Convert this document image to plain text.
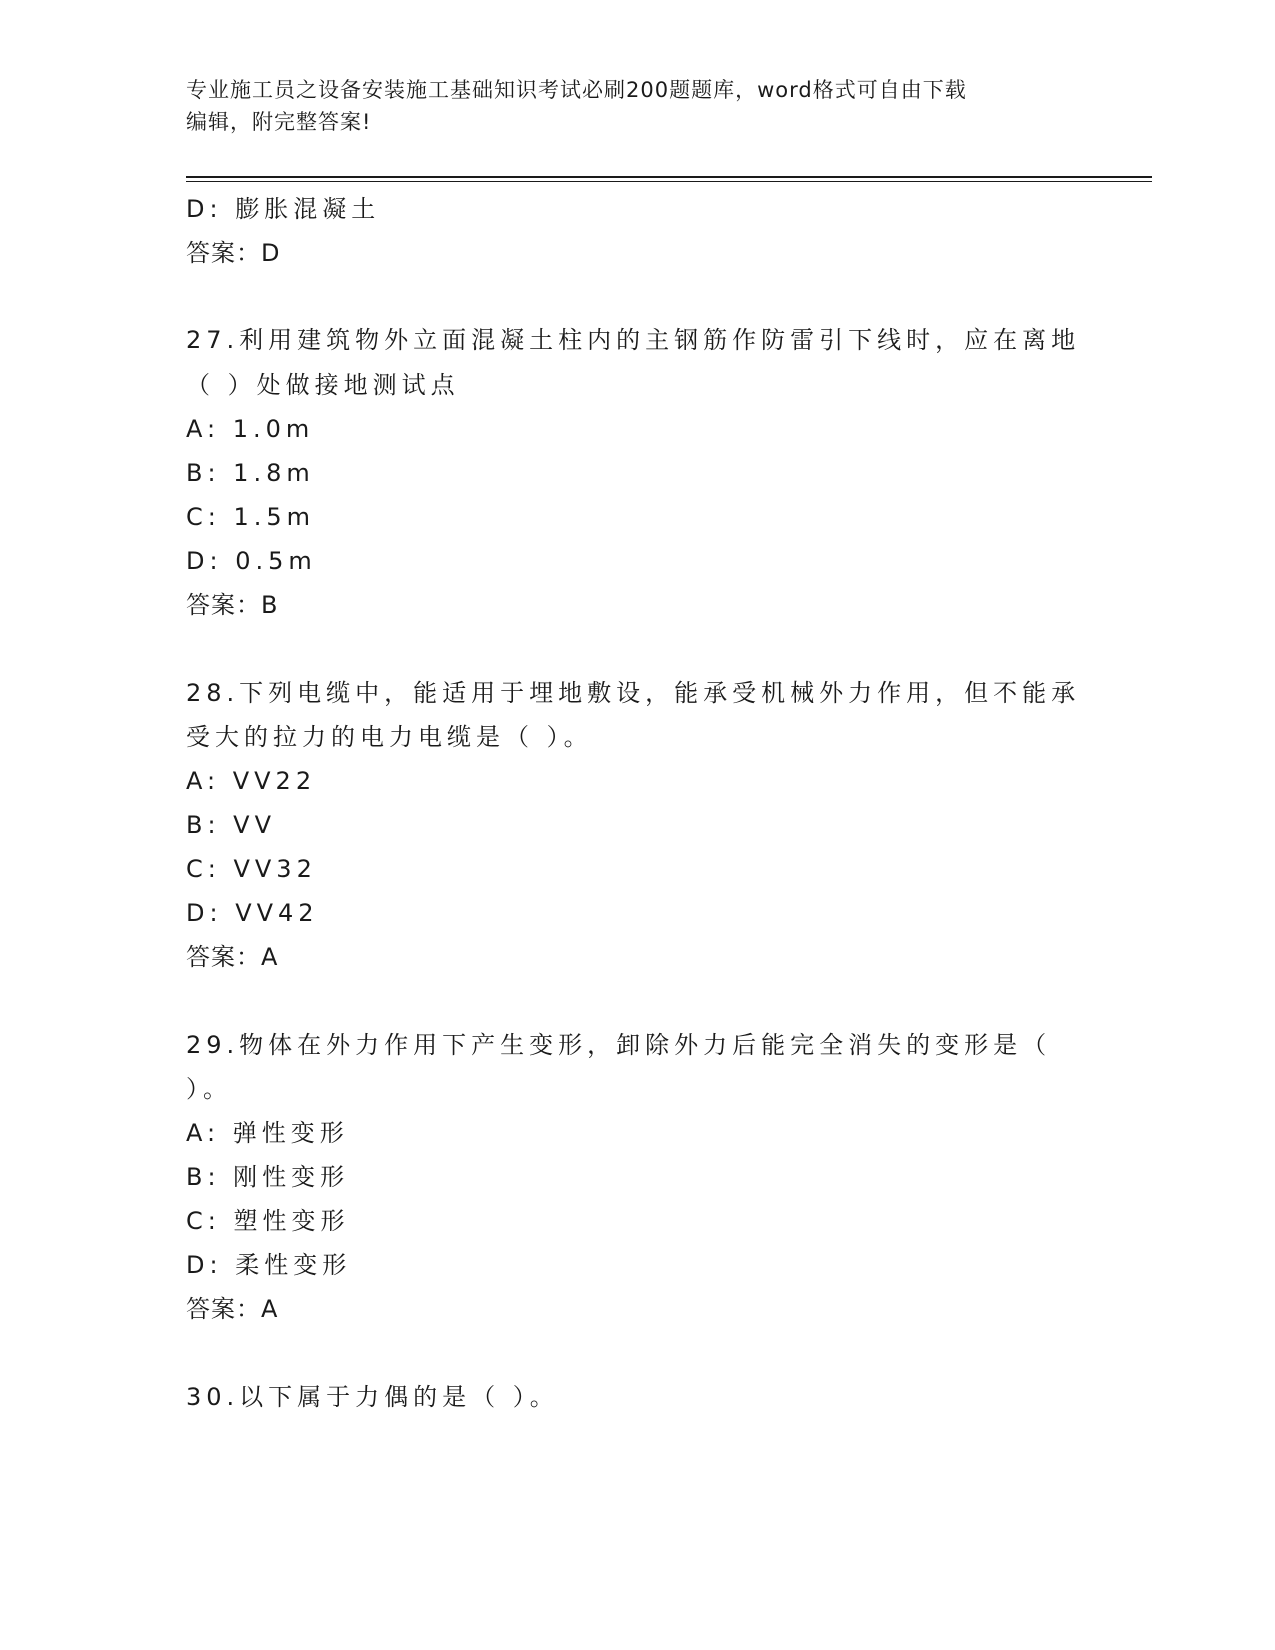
专业施工员之设备安装施工基础知识考试必刷200题题库，word格式可自由下载
编辑，附完整答案!
D: 膨胀混凝土
答案：D
27.利用建筑物外立面混凝土柱内的主钢筋作防雷引下线时，应在离地
（ ）处做接地测试点
A: 1.0m
B: 1.8m
C: 1.5m
D: 0.5m
答案：B
28.下列电缆中，能适用于埋地敷设，能承受机械外力作用，但不能承
受大的拉力的电力电缆是（ ）。
A: VV22
B: VV
C: VV32
D: VV42
答案：A
29.物体在外力作用下产生变形，卸除外力后能完全消失的变形是（
）。
A: 弹性变形
B: 刚性变形
C: 塑性变形
D: 柔性变形
答案：A
30.以下属于力偶的是（ ）。
